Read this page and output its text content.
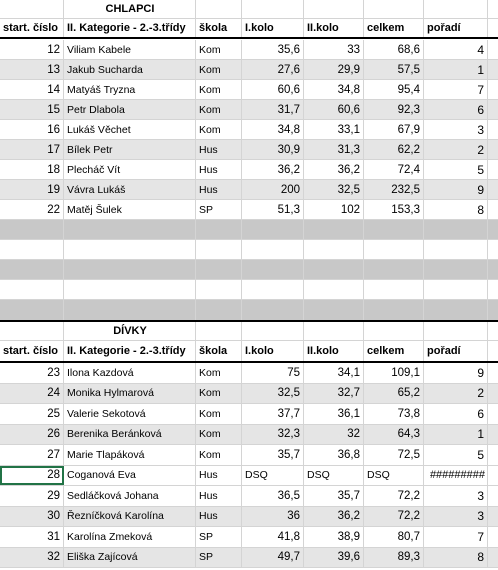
CHLAPCI
start. číslo II. Kategorie - 2.-3.třídy	škola	I.kolo	II.kolo	celkem	pořadí
12 Viliam Kabele	Kom	35,6	33	68,6	4
13 Jakub Sucharda	Kom	27,6	29,9	57,5	1
14 Matyáš Tryzna	Kom	60,6	34,8	95,4	7
15 Petr Dlabola	Kom	31,7	60,6	92,3	6
16 Lukáš Věchet	Kom	34,8	33,1	67,9	3
17 Bílek Petr	Hus	30,9	31,3	62,2	2
18 Plecháč Vít	Hus	36,2	36,2	72,4	5
19 Vávra Lukáš	Hus	200	32,5	232,5	9
22 Matěj Šulek	SP	51,3	102	153,3	8
DÍVKY
start. číslo II. Kategorie - 2.-3.třídy	škola	I.kolo	II.kolo	celkem	pořadí
23 Ilona Kazdová	Kom	75	34,1	109,1	9
24 Monika Hylmarová	Kom	32,5	32,7	65,2	2
25 Valerie Sekotová	Kom	37,7	36,1	73,8	6
26 Berenika Beránková	Kom	32,3	32	64,3	1
27 Marie Tlapáková	Kom	35,7	36,8	72,5	5
28 Coganová Eva	Hus	DSQ	DSQ	DSQ	#########
29 Sedláčková Johana	Hus	36,5	35,7	72,2	3
30 Řezníčková Karolína	Hus	36	36,2	72,2	3
31 Karolína Zmeková	SP	41,8	38,9	80,7	7
32 Eliška Zajícová	SP	49,7	39,6	89,3	8
